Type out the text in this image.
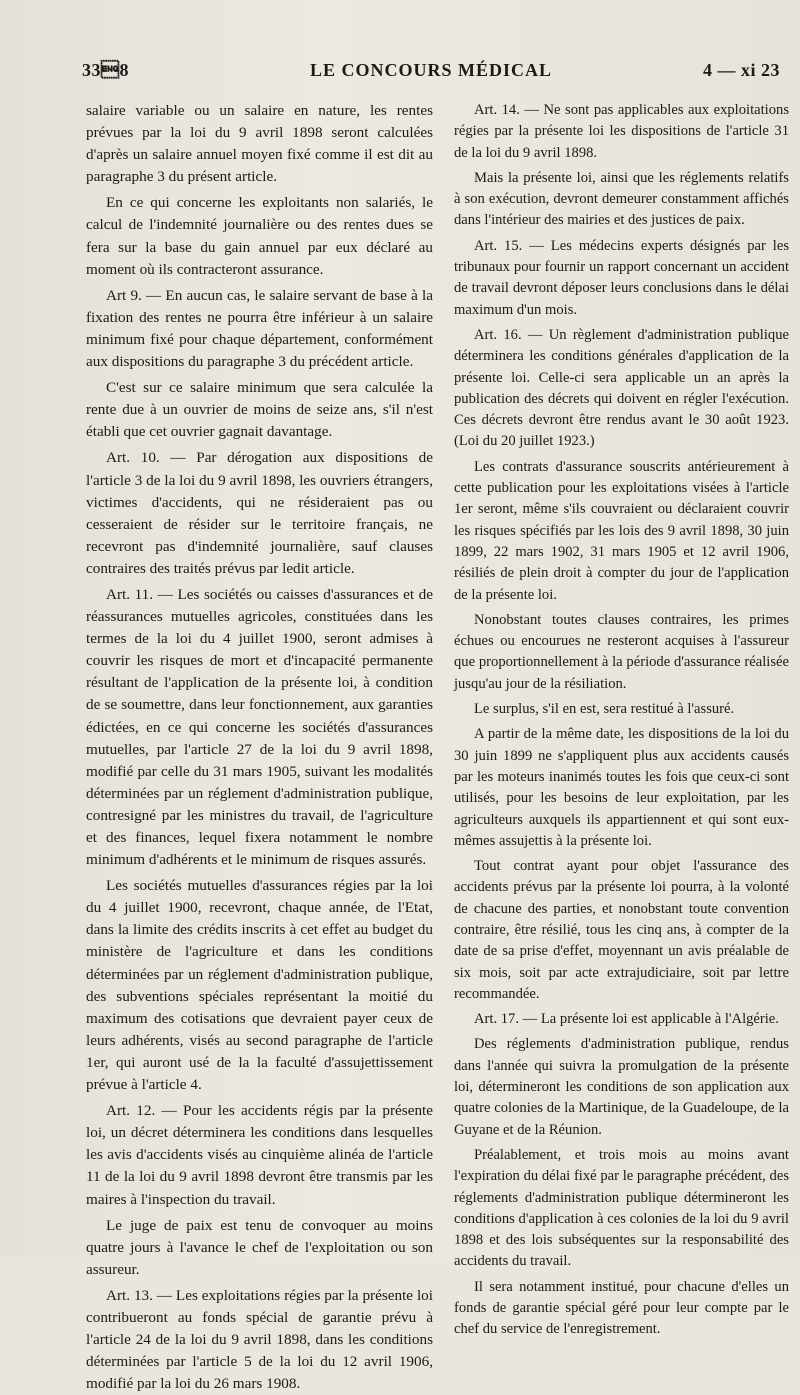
338	LE CONCOURS MÉDICAL	4 — xi 23

salaire variable ou un salaire en nature, les rentes prévues par la loi du 9 avril 1898 seront calculées d'après un salaire annuel moyen fixé comme il est dit au paragraphe 3 du présent article.

En ce qui concerne les exploitants non salariés, le calcul de l'indemnité journalière ou des rentes dues se fera sur la base du gain annuel par eux déclaré au moment où ils contracteront assurance.

Art 9. — En aucun cas, le salaire servant de base à la fixation des rentes ne pourra être inférieur à un salaire minimum fixé pour chaque département, conformément aux dispositions du paragraphe 3 du précédent article.

C'est sur ce salaire minimum que sera calculée la rente due à un ouvrier de moins de seize ans, s'il n'est établi que cet ouvrier gagnait davantage.

Art. 10. — Par dérogation aux dispositions de l'article 3 de la loi du 9 avril 1898, les ouvriers étrangers, victimes d'accidents, qui ne résideraient pas ou cesseraient de résider sur le territoire français, ne recevront pas d'indemnité journalière, sauf clauses contraires des traités prévus par ledit article.

Art. 11. — Les sociétés ou caisses d'assurances et de réassurances mutuelles agricoles, constituées dans les termes de la loi du 4 juillet 1900, seront admises à couvrir les risques de mort et d'incapacité permanente résultant de l'application de la présente loi, à condition de se soumettre, dans leur fonctionnement, aux garanties édictées, en ce qui concerne les sociétés d'assurances mutuelles, par l'article 27 de la loi du 9 avril 1898, modifié par celle du 31 mars 1905, suivant les modalités déterminées par un réglement d'administration publique, contresigné par les ministres du travail, de l'agriculture et des finances, lequel fixera notamment le nombre minimum d'adhérents et le minimum de risques assurés.

Les sociétés mutuelles d'assurances régies par la loi du 4 juillet 1900, recevront, chaque année, de l'Etat, dans la limite des crédits inscrits à cet effet au budget du ministère de l'agriculture et dans les conditions déterminées par un réglement d'administration publique, des subventions spéciales représentant la moitié du maximum des cotisations que devraient payer ceux de leurs adhérents, visés au second paragraphe de l'article 1er, qui auront usé de la la faculté d'assujettissement prévue à l'article 4.

Art. 12. — Pour les accidents régis par la présente loi, un décret déterminera les conditions dans lesquelles les avis d'accidents visés au cinquième alinéa de l'article 11 de la loi du 9 avril 1898 devront être transmis par les maires à l'inspection du travail.

Le juge de paix est tenu de convoquer au moins quatre jours à l'avance le chef de l'exploitation ou son assureur.

Art. 13. — Les exploitations régies par la présente loi contribueront au fonds spécial de garantie prévu à l'article 24 de la loi du 9 avril 1898, dans les conditions déterminées par l'article 5 de la loi du 12 avril 1906, modifié par la loi du 26 mars 1908.

Art. 14. — Ne sont pas applicables aux exploitations régies par la présente loi les dispositions de l'article 31 de la loi du 9 avril 1898.

Mais la présente loi, ainsi que les réglements relatifs à son exécution, devront demeurer constamment affichés dans l'intérieur des mairies et des justices de paix.

Art. 15. — Les médecins experts désignés par les tribunaux pour fournir un rapport concernant un accident de travail devront déposer leurs conclusions dans le délai maximum d'un mois.

Art. 16. — Un règlement d'administration publique déterminera les conditions générales d'application de la présente loi. Celle-ci sera applicable un an après la publication des décrets qui doivent en régler l'exécution. Ces décrets devront être rendus avant le 30 août 1923. (Loi du 20 juillet 1923.)

Les contrats d'assurance souscrits antérieurement à cette publication pour les exploitations visées à l'article 1er seront, même s'ils couvraient ou déclaraient couvrir les risques spécifiés par les lois des 9 avril 1898, 30 juin 1899, 22 mars 1902, 31 mars 1905 et 12 avril 1906, résiliés de plein droit à compter du jour de l'application de la présente loi.

Nonobstant toutes clauses contraires, les primes échues ou encourues ne resteront acquises à l'assureur que proportionnellement à la période d'assurance réalisée jusqu'au jour de la résiliation.

Le surplus, s'il en est, sera restitué à l'assuré.

A partir de la même date, les dispositions de la loi du 30 juin 1899 ne s'appliquent plus aux accidents causés par les moteurs inanimés toutes les fois que ceux-ci sont utilisés, pour les besoins de leur exploitation, par les agriculteurs auxquels ils appartiennent et qui sont eux-mêmes assujettis à la présente loi.

Tout contrat ayant pour objet l'assurance des accidents prévus par la présente loi pourra, à la volonté de chacune des parties, et nonobstant toute convention contraire, être résilié, tous les cinq ans, à compter de la date de sa prise d'effet, moyennant un avis préalable de six mois, soit par acte extrajudiciaire, soit par lettre recommandée.

Art. 17. — La présente loi est applicable à l'Algérie.

Des réglements d'administration publique, rendus dans l'année qui suivra la promulgation de la présente loi, détermineront les conditions de son application aux quatre colonies de la Martinique, de la Guadeloupe, de la Guyane et de la Réunion.

Préalablement, et trois mois au moins avant l'expiration du délai fixé par le paragraphe précédent, des réglements d'administration publique détermineront les conditions d'application à ces colonies de la loi du 9 avril 1898 et des lois subséquentes sur la responsabilité des accidents du travail.

Il sera notamment institué, pour chacune d'elles un fonds de garantie spécial géré pour leur compte par le chef du service de l'enregistrement.
